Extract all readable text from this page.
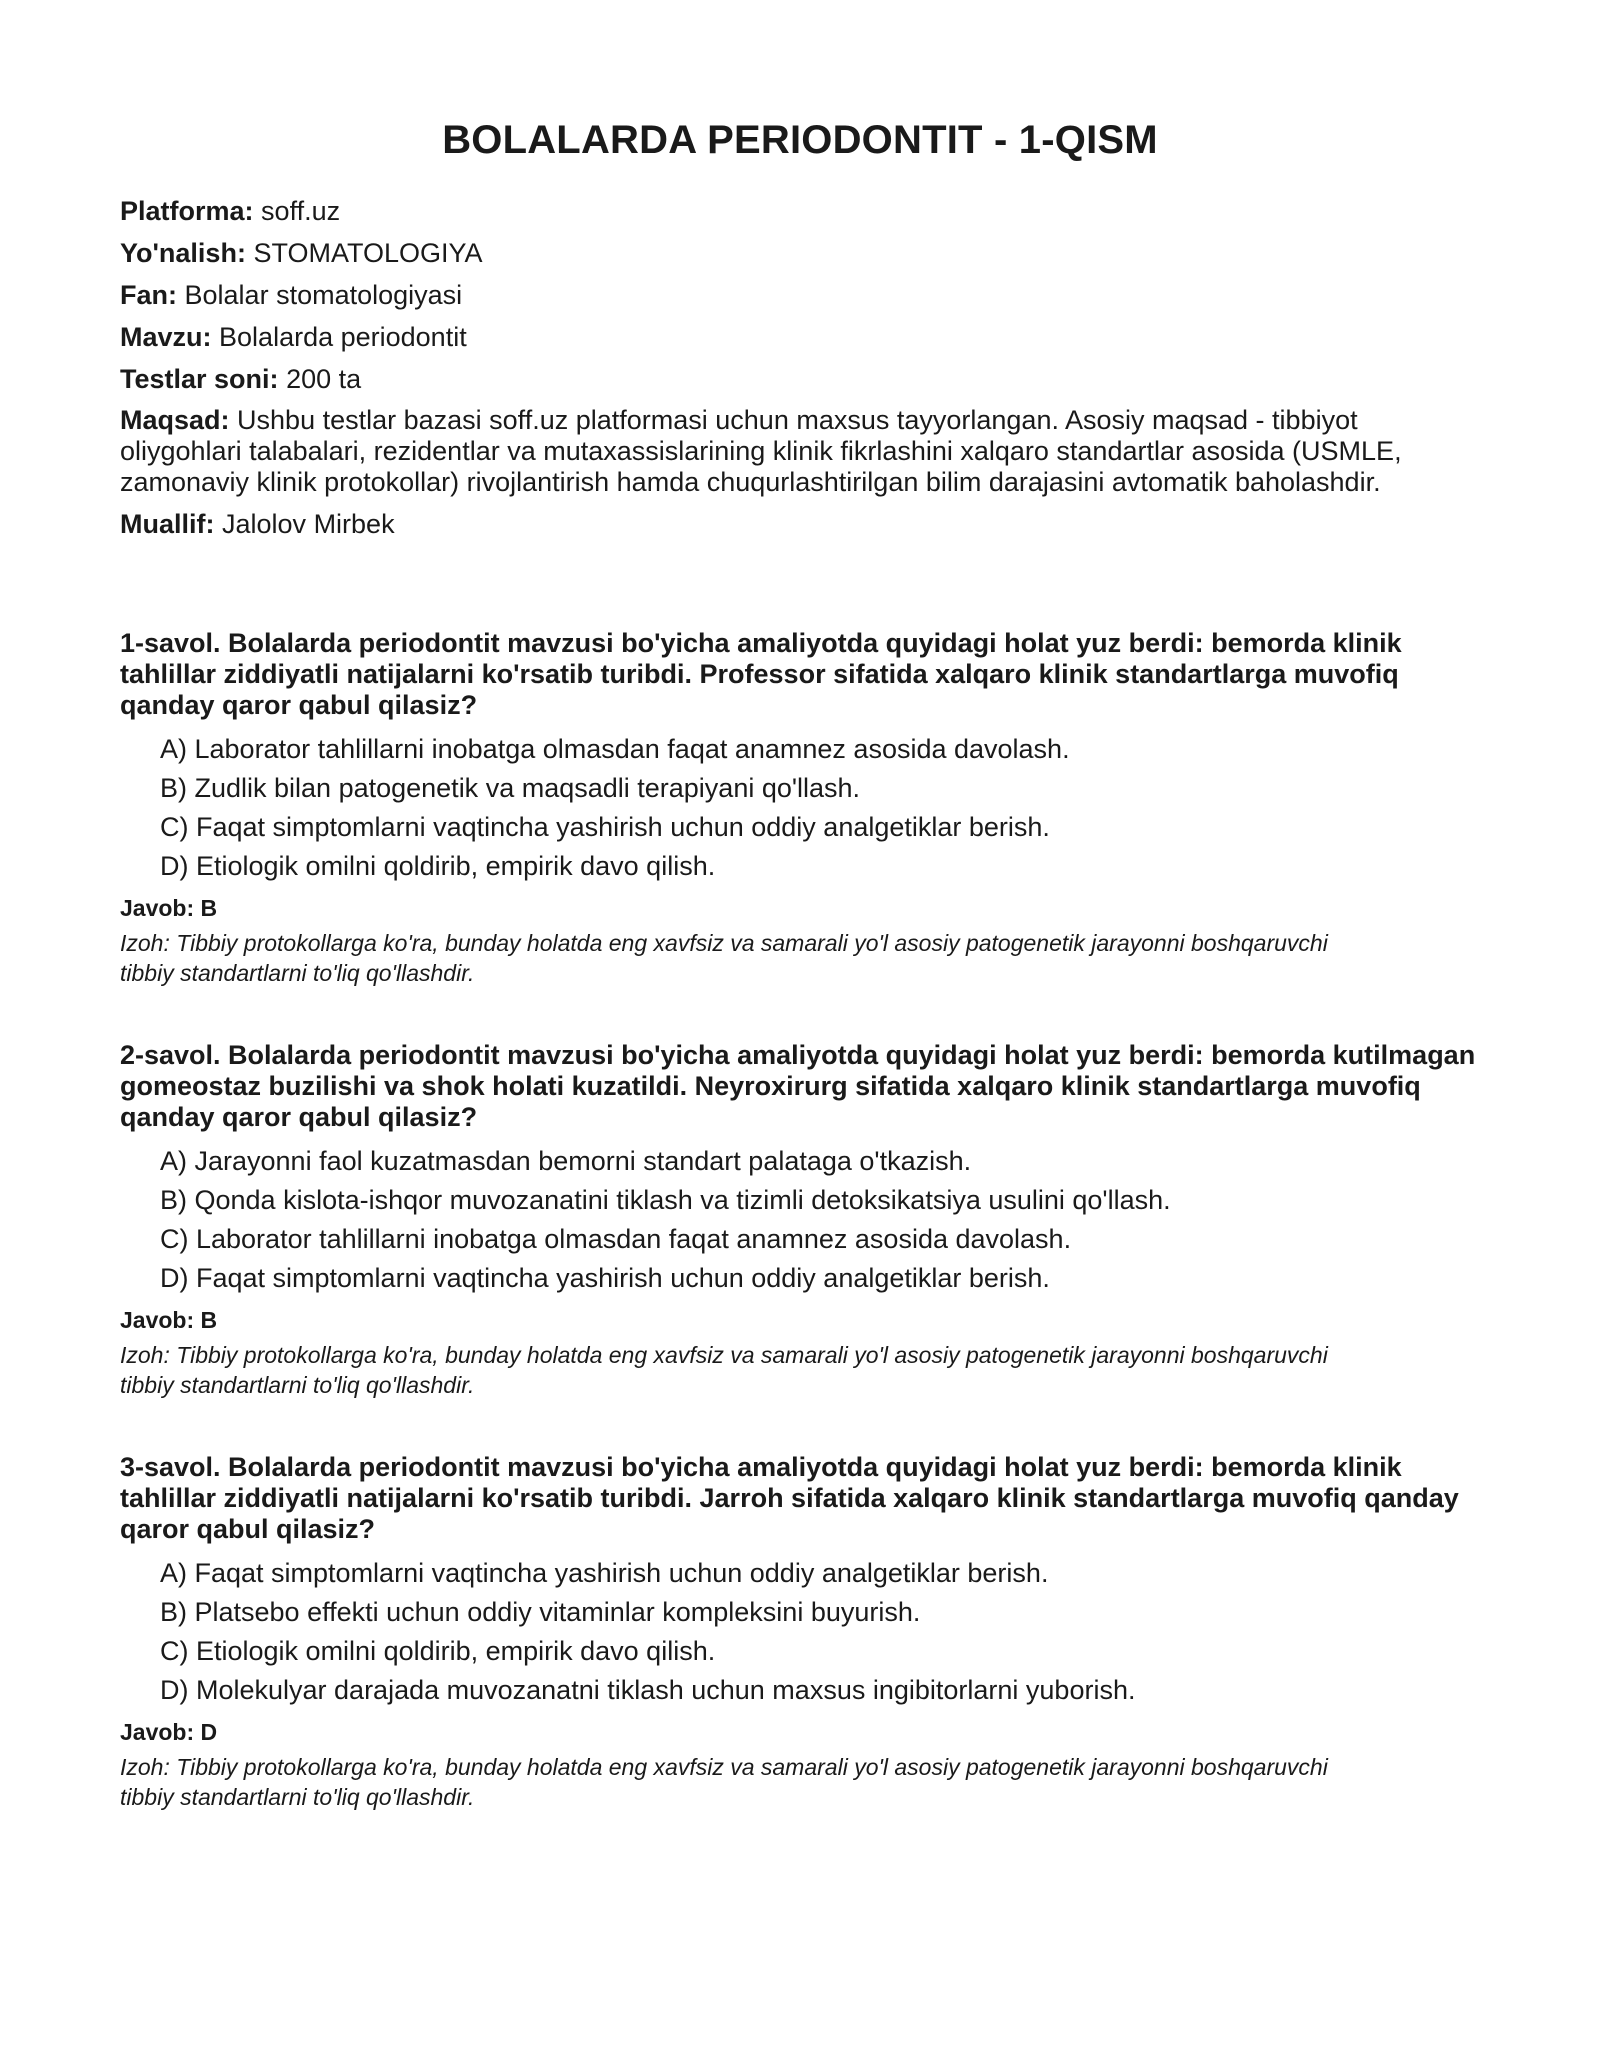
BOLALARDA PERIODONTIT - 1-QISM
Platforma: soff.uz
Yo'nalish: STOMATOLOGIYA
Fan: Bolalar stomatologiyasi
Mavzu: Bolalarda periodontit
Testlar soni: 200 ta
Maqsad: Ushbu testlar bazasi soff.uz platformasi uchun maxsus tayyorlangan. Asosiy maqsad - tibbiyot oliygohlari talabalari, rezidentlar va mutaxassislarining klinik fikrlashini xalqaro standartlar asosida (USMLE, zamonaviy klinik protokollar) rivojlantirish hamda chuqurlashtirilgan bilim darajasini avtomatik baholashdir.
Muallif: Jalolov Mirbek
1-savol. Bolalarda periodontit mavzusi bo'yicha amaliyotda quyidagi holat yuz berdi: bemorda klinik tahlillar ziddiyatli natijalarni ko'rsatib turibdi. Professor sifatida xalqaro klinik standartlarga muvofiq qanday qaror qabul qilasiz?
A) Laborator tahlillarni inobatga olmasdan faqat anamnez asosida davolash.
B) Zudlik bilan patogenetik va maqsadli terapiyani qo'llash.
C) Faqat simptomlarni vaqtincha yashirish uchun oddiy analgetiklar berish.
D) Etiologik omilni qoldirib, empirik davo qilish.
Javob: B
Izoh: Tibbiy protokollarga ko'ra, bunday holatda eng xavfsiz va samarali yo'l asosiy patogenetik jarayonni boshqaruvchi tibbiy standartlarni to'liq qo'llashdir.
2-savol. Bolalarda periodontit mavzusi bo'yicha amaliyotda quyidagi holat yuz berdi: bemorda kutilmagan gomeostaz buzilishi va shok holati kuzatildi. Neyroxirurg sifatida xalqaro klinik standartlarga muvofiq qanday qaror qabul qilasiz?
A) Jarayonni faol kuzatmasdan bemorni standart palataga o'tkazish.
B) Qonda kislota-ishqor muvozanatini tiklash va tizimli detoksikatsiya usulini qo'llash.
C) Laborator tahlillarni inobatga olmasdan faqat anamnez asosida davolash.
D) Faqat simptomlarni vaqtincha yashirish uchun oddiy analgetiklar berish.
Javob: B
Izoh: Tibbiy protokollarga ko'ra, bunday holatda eng xavfsiz va samarali yo'l asosiy patogenetik jarayonni boshqaruvchi tibbiy standartlarni to'liq qo'llashdir.
3-savol. Bolalarda periodontit mavzusi bo'yicha amaliyotda quyidagi holat yuz berdi: bemorda klinik tahlillar ziddiyatli natijalarni ko'rsatib turibdi. Jarroh sifatida xalqaro klinik standartlarga muvofiq qanday qaror qabul qilasiz?
A) Faqat simptomlarni vaqtincha yashirish uchun oddiy analgetiklar berish.
B) Platsebo effekti uchun oddiy vitaminlar kompleksini buyurish.
C) Etiologik omilni qoldirib, empirik davo qilish.
D) Molekulyar darajada muvozanatni tiklash uchun maxsus ingibitorlarni yuborish.
Javob: D
Izoh: Tibbiy protokollarga ko'ra, bunday holatda eng xavfsiz va samarali yo'l asosiy patogenetik jarayonni boshqaruvchi tibbiy standartlarni to'liq qo'llashdir.
